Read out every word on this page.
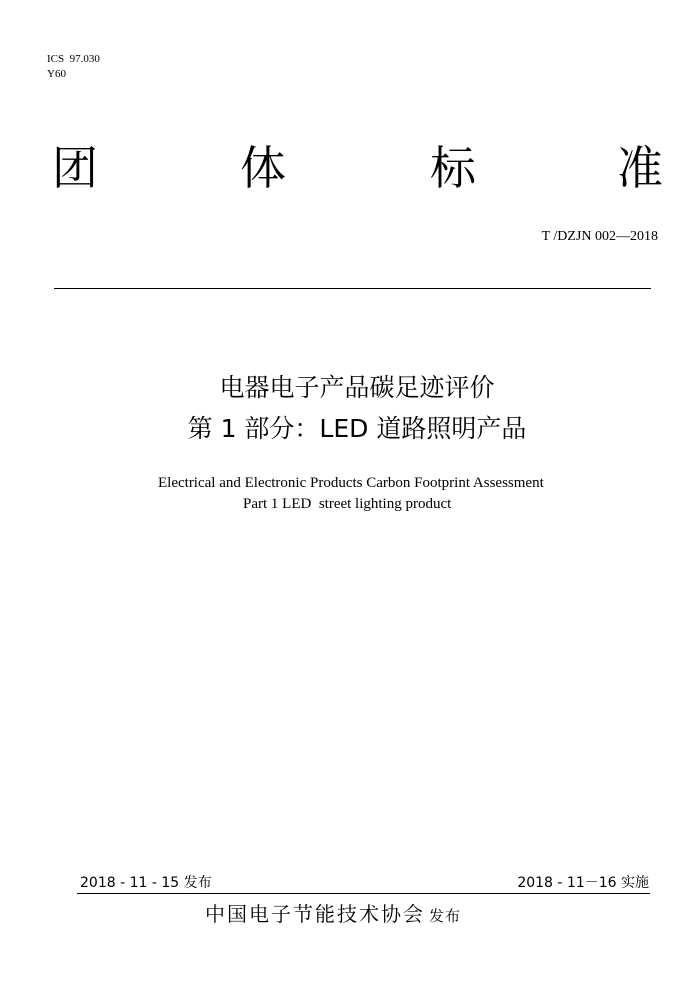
ICS  97.030
Y60
团	体	标	准
T /DZJN 002—2018
电器电子产品碳足迹评价
第 1 部分：LED 道路照明产品
Electrical and Electronic Products Carbon Footprint Assessment
Part 1 LED  street lighting product
2018 - 11 - 15 发布	2018 - 11－16 实施
中国电子节能技术协会 发布
